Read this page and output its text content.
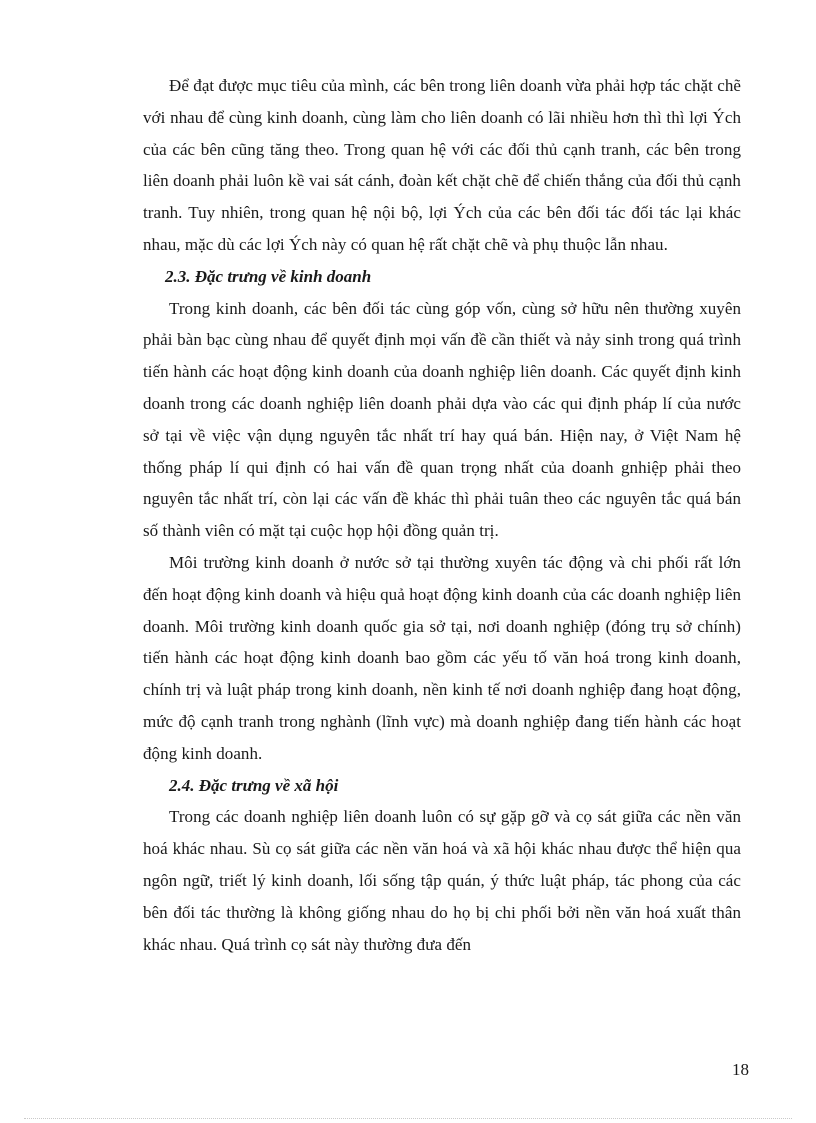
Để đạt được mục tiêu của mình, các bên trong liên doanh vừa phải hợp tác chặt chẽ với nhau để cùng kinh doanh, cùng làm cho liên doanh có lãi nhiều hơn thì thì lợi Ých của các bên cũng tăng theo. Trong quan hệ với các đối thủ cạnh tranh, các bên trong liên doanh phải luôn kề vai sát cánh, đoàn kết chặt chẽ để chiến thắng của đối thủ cạnh tranh. Tuy nhiên, trong quan hệ nội bộ, lợi Ých của các bên đối tác đối tác lại khác nhau, mặc dù các lợi Ých này có quan hệ rất chặt chẽ và phụ thuộc lẫn nhau.

2.3. Đặc trưng về kinh doanh

Trong kinh doanh, các bên đối tác cùng góp vốn, cùng sở hữu nên thường xuyên phải bàn bạc cùng nhau để quyết định mọi vấn đề cần thiết và nảy sinh trong quá trình tiến hành các hoạt động kinh doanh của doanh nghiệp liên doanh. Các quyết định kinh doanh trong các doanh nghiệp liên doanh phải dựa vào các qui định pháp lí của nước sở tại về việc vận dụng nguyên tắc nhất trí hay quá bán. Hiện nay, ở Việt Nam hệ thống pháp lí qui định có hai vấn đề quan trọng nhất của doanh gnhiệp phải theo nguyên tắc nhất trí, còn lại các vấn đề khác thì phải tuân theo các nguyên tắc quá bán số thành viên có mặt tại cuộc họp hội đồng quản trị.

Môi trường kinh doanh ở nước sở tại thường xuyên tác động và chi phối rất lớn đến hoạt động kinh doanh và hiệu quả hoạt động kinh doanh của các doanh nghiệp liên doanh. Môi trường kinh doanh quốc gia sở tại, nơi doanh nghiệp (đóng trụ sở chính) tiến hành các hoạt động kinh doanh bao gồm các yếu tố văn hoá trong kinh doanh, chính trị và luật pháp trong kinh doanh, nền kinh tế nơi doanh nghiệp đang hoạt động, mức độ cạnh tranh trong nghành (lĩnh vực) mà doanh nghiệp đang tiến hành các hoạt động kinh doanh.

2.4. Đặc trưng về xã hội

Trong các doanh nghiệp liên doanh luôn có sự gặp gỡ và cọ sát giữa các nền văn hoá khác nhau. Sù cọ sát giữa các nền văn hoá và xã hội khác nhau được thể hiện qua ngôn ngữ, triết lý kinh doanh, lối sống tập quán, ý thức luật pháp, tác phong của các bên đối tác thường là không giống nhau do họ bị chi phối bởi nền văn hoá xuất thân khác nhau. Quá trình cọ sát này thường đưa đến

18
